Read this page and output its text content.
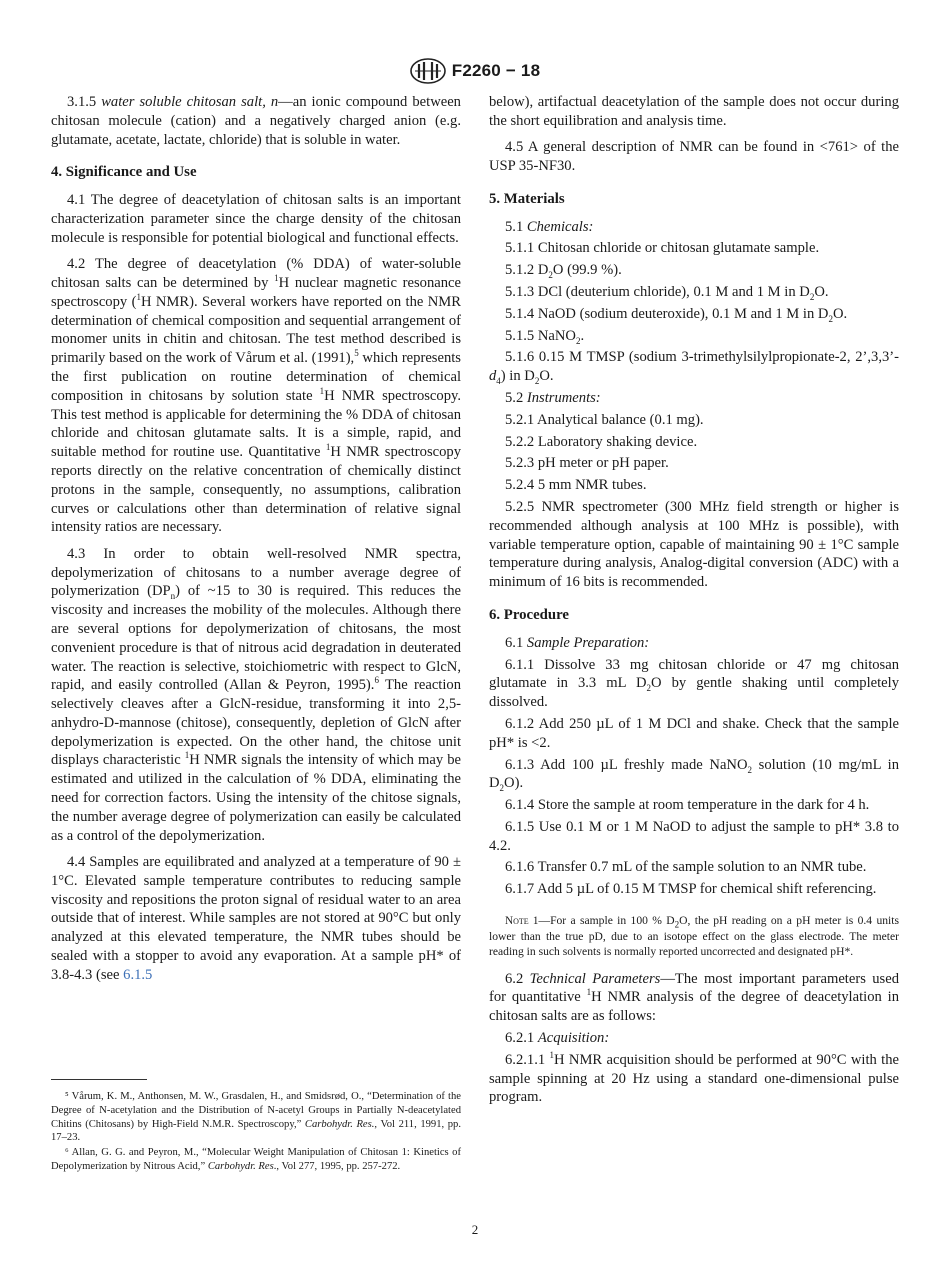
F2260 − 18

3.1.5 water soluble chitosan salt, n—an ionic compound between chitosan molecule (cation) and a negatively charged anion (e.g. glutamate, acetate, lactate, chloride) that is soluble in water.

4. Significance and Use

4.1 The degree of deacetylation of chitosan salts is an important characterization parameter since the charge density of the chitosan molecule is responsible for potential biological and functional effects.

4.2 The degree of deacetylation (% DDA) of water-soluble chitosan salts can be determined by $^1$H nuclear magnetic resonance spectroscopy ($^1$H NMR). Several workers have reported on the NMR determination of chemical composition and sequential arrangement of monomer units in chitin and chitosan. The test method described is primarily based on the work of Vårum et al. (1991),$^5$ which represents the first publication on routine determination of chemical composition in chitosans by solution state $^1$H NMR spectroscopy. This test method is applicable for determining the % DDA of chitosan chloride and chitosan glutamate salts. It is a simple, rapid, and suitable method for routine use. Quantitative $^1$H NMR spectroscopy reports directly on the relative concentration of chemically distinct protons in the sample, consequently, no assumptions, calibration curves or calculations other than determination of relative signal intensity ratios are necessary.

4.3 In order to obtain well-resolved NMR spectra, depolymerization of chitosans to a number average degree of polymerization $(DP_n)$ of ~15 to 30 is required. This reduces the viscosity and increases the mobility of the molecules. Although there are several options for depolymerization of chitosans, the most convenient procedure is that of nitrous acid degradation in deuterated water. The reaction is selective, stoichiometric with respect to GlcN, rapid, and easily controlled (Allan & Peyron, 1995).$^6$ The reaction selectively cleaves after a GlcN-residue, transforming it into 2,5-anhydro-D-mannose (chitose), consequently, depletion of GlcN after depolymerization is expected. On the other hand, the chitose unit displays characteristic $^1$H NMR signals the intensity of which may be estimated and utilized in the calculation of % DDA, eliminating the need for correction factors. Using the intensity of the chitose signals, the number average degree of polymerization can easily be calculated as a control of the depolymerization.

4.4 Samples are equilibrated and analyzed at a temperature of 90 ± 1°C. Elevated sample temperature contributes to reducing sample viscosity and repositions the proton signal of residual water to an area outside that of interest. While samples are not stored at 90°C but only analyzed at this elevated temperature, the NMR tubes should be sealed with a stopper to avoid any evaporation. At a sample pH* of 3.8-4.3 (see 6.1.5

⁵ Vårum, K. M., Anthonsen, M. W., Grasdalen, H., and Smidsrød, O., “Determination of the Degree of N-acetylation and the Distribution of N-acetyl Groups in Partially N-deacetylated Chitins (Chitosans) by High-Field N.M.R. Spectroscopy,” Carbohydr. Res., Vol 211, 1991, pp. 17–23.

⁶ Allan, G. G. and Peyron, M., “Molecular Weight Manipulation of Chitosan 1: Kinetics of Depolymerization by Nitrous Acid,” Carbohydr. Res., Vol 277, 1995, pp. 257-272.

below), artifactual deacetylation of the sample does not occur during the short equilibration and analysis time.

4.5 A general description of NMR can be found in <761> of the USP 35-NF30.

5. Materials

5.1 Chemicals:

5.1.1 Chitosan chloride or chitosan glutamate sample.

5.1.2 $D_2O$ (99.9 %).

5.1.3 DCl (deuterium chloride), 0.1 M and 1 M in $D_2O$.

5.1.4 NaOD (sodium deuteroxide), 0.1 M and 1 M in $D_2O$.

5.1.5 NaNO$_2$.

5.1.6 0.15 M TMSP (sodium 3-trimethylsilylpropionate-2, $2’,3,3’-d_4$) in $D_2O$.

5.2 Instruments:

5.2.1 Analytical balance (0.1 mg).

5.2.2 Laboratory shaking device.

5.2.3 pH meter or pH paper.

5.2.4 5 mm NMR tubes.

5.2.5 NMR spectrometer (300 MHz field strength or higher is recommended although analysis at 100 MHz is possible), with variable temperature option, capable of maintaining 90 ± 1°C sample temperature during analysis, Analog-digital conversion (ADC) with a minimum of 16 bits is recommended.

6. Procedure

6.1 Sample Preparation:

6.1.1 Dissolve 33 mg chitosan chloride or 47 mg chitosan glutamate in 3.3 mL $D_2O$ by gentle shaking until completely dissolved.

6.1.2 Add 250 µL of 1 M DCl and shake. Check that the sample pH* is <2.

6.1.3 Add 100 µL freshly made NaNO$_2$ solution (10 mg/mL in $D_2O$).

6.1.4 Store the sample at room temperature in the dark for 4 h.

6.1.5 Use 0.1 M or 1 M NaOD to adjust the sample to pH* 3.8 to 4.2.

6.1.6 Transfer 0.7 mL of the sample solution to an NMR tube.

6.1.7 Add 5 µL of 0.15 M TMSP for chemical shift referencing.

Note 1—For a sample in 100 % $D_2O$, the pH reading on a pH meter is 0.4 units lower than the true pD, due to an isotope effect on the glass electrode. The meter reading in such solvents is normally reported uncorrected and designated pH*.

6.2 Technical Parameters—The most important parameters used for quantitative $^1$H NMR analysis of the degree of deacetylation in chitosan salts are as follows:

6.2.1 Acquisition:

6.2.1.1 $^1$H NMR acquisition should be performed at 90°C with the sample spinning at 20 Hz using a standard one-dimensional pulse program.

2
